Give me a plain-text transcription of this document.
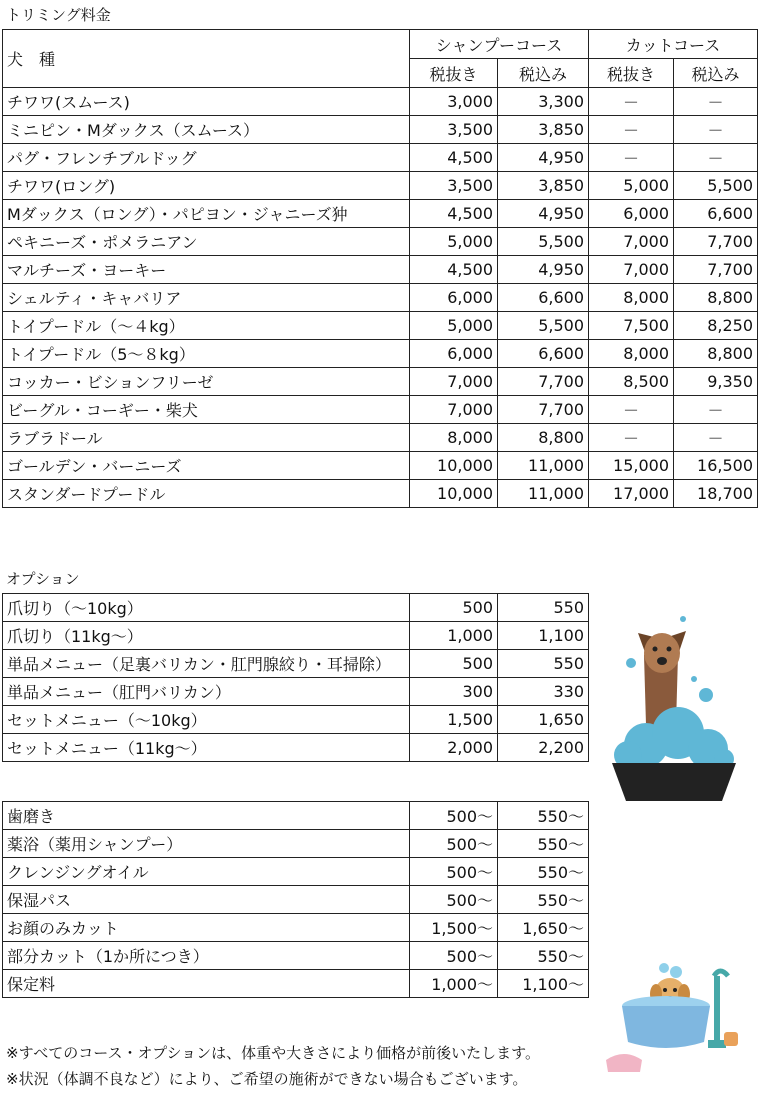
トリミング料金
犬　種	シャンプーコース		カットコース	
	税抜き	税込み	税抜き	税込み
チワワ(スムース)	3,000	3,300	－	－
ミニピン・Mダックス（スムース）	3,500	3,850	－	－
パグ・フレンチブルドッグ	4,500	4,950	－	－
チワワ(ロング)	3,500	3,850	5,000	5,500
Mダックス（ロング）・パピヨン・ジャニーズ狆	4,500	4,950	6,000	6,600
ペキニーズ・ポメラニアン	5,000	5,500	7,000	7,700
マルチーズ・ヨーキー	4,500	4,950	7,000	7,700
シェルティ・キャバリア	6,000	6,600	8,000	8,800
トイプードル（～４kg）	5,000	5,500	7,500	8,250
トイプードル（5～８kg）	6,000	6,600	8,000	8,800
コッカー・ビションフリーゼ	7,000	7,700	8,500	9,350
ビーグル・コーギー・柴犬	7,000	7,700	－	－
ラブラドール	8,000	8,800	－	－
ゴールデン・バーニーズ	10,000	11,000	15,000	16,500
スタンダードプードル	10,000	11,000	17,000	18,700
オプション
爪切り（～10kg）	500	550
爪切り（11kg～）	1,000	1,100
単品メニュー（足裏バリカン・肛門腺絞り・耳掃除）	500	550
単品メニュー（肛門バリカン）	300	330
セットメニュー（～10kg）	1,500	1,650
セットメニュー（11kg～）	2,000	2,200
歯磨き	500～	550～
薬浴（薬用シャンプー）	500～	550～
クレンジングオイル	500～	550～
保湿パス	500～	550～
お顔のみカット	1,500～	1,650～
部分カット（1か所につき）	500～	550～
保定料	1,000～	1,100～
※すべてのコース・オプションは、体重や大きさにより価格が前後いたします。
※状況（体調不良など）により、ご希望の施術ができない場合もございます。
